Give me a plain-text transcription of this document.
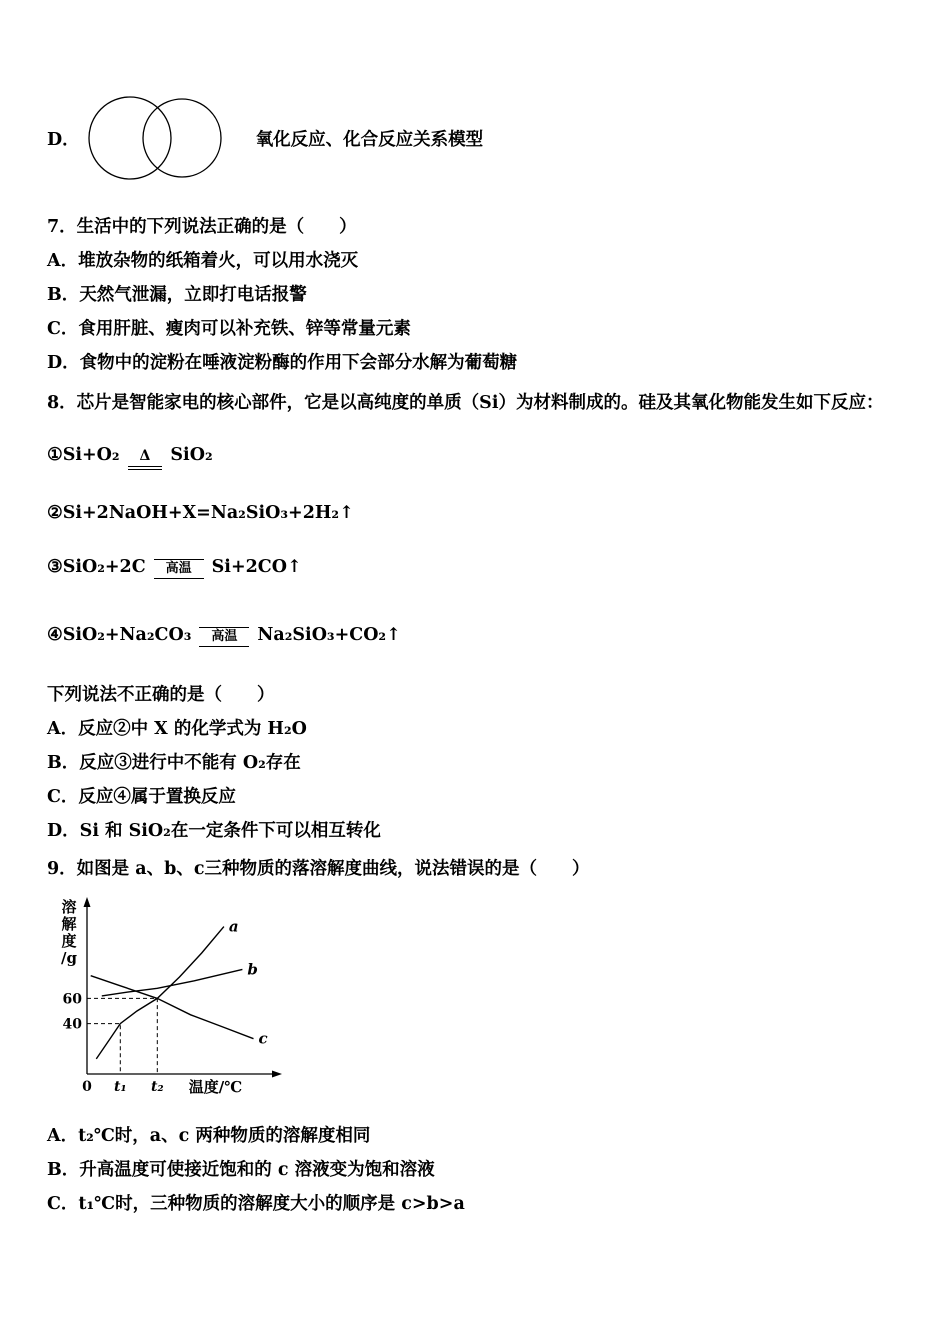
D．	氧化反应、化合反应关系模型
7．生活中的下列说法正确的是（　　）
A．堆放杂物的纸箱着火，可以用水浇灭
B．天然气泄漏，立即打电话报警
C．食用肝脏、瘦肉可以补充铁、锌等常量元素
D．食物中的淀粉在唾液淀粉酶的作用下会部分水解为葡萄糖
8．芯片是智能家电的核心部件，它是以高纯度的单质（Si）为材料制成的。硅及其氧化物能发生如下反应：
①Si+O₂	Δ	SiO₂
②Si+2NaOH+X=Na₂SiO₃+2H₂↑
③SiO₂+2C	高温	Si+2CO↑
④SiO₂+Na₂CO₃	高温	Na₂SiO₃+CO₂↑
下列说法不正确的是（　　）
A．反应②中 X 的化学式为 H₂O
B．反应③进行中不能有 O₂存在
C．反应④属于置换反应
D．Si 和 SiO₂在一定条件下可以相互转化
9．如图是 a、b、c三种物质的落溶解度曲线，说法错误的是（　　）
a
b
c
60
40
0 t₁ t₂ 温度/℃
溶
解
度
/g
A．t₂℃时，a、c 两种物质的溶解度相同
B．升高温度可使接近饱和的 c 溶液变为饱和溶液
C．t₁℃时，三种物质的溶解度大小的顺序是 c>b>a
